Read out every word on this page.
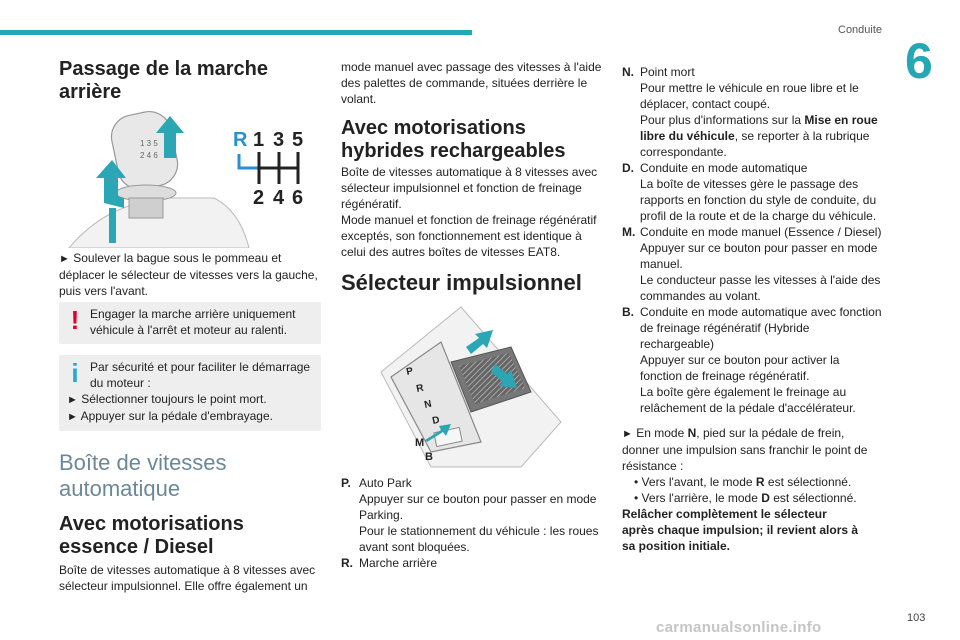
Conduite
6
Passage de la marche arrière
1 3 5
2 4 6
R 1 3 5
2 4 6

► Soulever la bague sous le pommeau et déplacer le sélecteur de vitesses vers la gauche, puis vers l'avant.

! Engager la marche arrière uniquement véhicule à l'arrêt et moteur au ralenti.
i Par sécurité et pour faciliter le démarrage du moteur :
► Sélectionner toujours le point mort.
► Appuyer sur la pédale d'embrayage.
Boîte de vitesses automatique
Avec motorisations essence / Diesel

Boîte de vitesses automatique à 8 vitesses avec sélecteur impulsionnel. Elle offre également un

mode manuel avec passage des vitesses à l'aide des palettes de commande, situées derrière le volant.

Avec motorisations hybrides rechargeables

Boîte de vitesses automatique à 8 vitesses avec sélecteur impulsionnel et fonction de freinage régénératif.

Mode manuel et fonction de freinage régénératif exceptés, son fonctionnement est identique à celui des autres boîtes de vitesses EAT8.

Sélecteur impulsionnel
P
R
N
D
M
B
P. Auto Park
Appuyer sur ce bouton pour passer en mode Parking.
Pour le stationnement du véhicule : les roues avant sont bloquées.
R. Marche arrière
N. Point mort
Pour mettre le véhicule en roue libre et le déplacer, contact coupé.
Pour plus d'informations sur la Mise en roue libre du véhicule, se reporter à la rubrique correspondante.
D. Conduite en mode automatique
La boîte de vitesses gère le passage des rapports en fonction du style de conduite, du profil de la route et de la charge du véhicule.
M. Conduite en mode manuel (Essence / Diesel)
Appuyer sur ce bouton pour passer en mode manuel.
Le conducteur passe les vitesses à l'aide des commandes au volant.
B. Conduite en mode automatique avec fonction de freinage régénératif (Hybride rechargeable)
Appuyer sur ce bouton pour activer la fonction de freinage régénératif.
La boîte gère également le freinage au relâchement de la pédale d'accélérateur.

► En mode N, pied sur la pédale de frein, donner une impulsion sans franchir le point de résistance :

• Vers l'avant, le mode R est sélectionné.

• Vers l'arrière, le mode D est sélectionné.

Relâcher complètement le sélecteur après chaque impulsion; il revient alors à sa position initiale.

carmanualsonline.info
103
